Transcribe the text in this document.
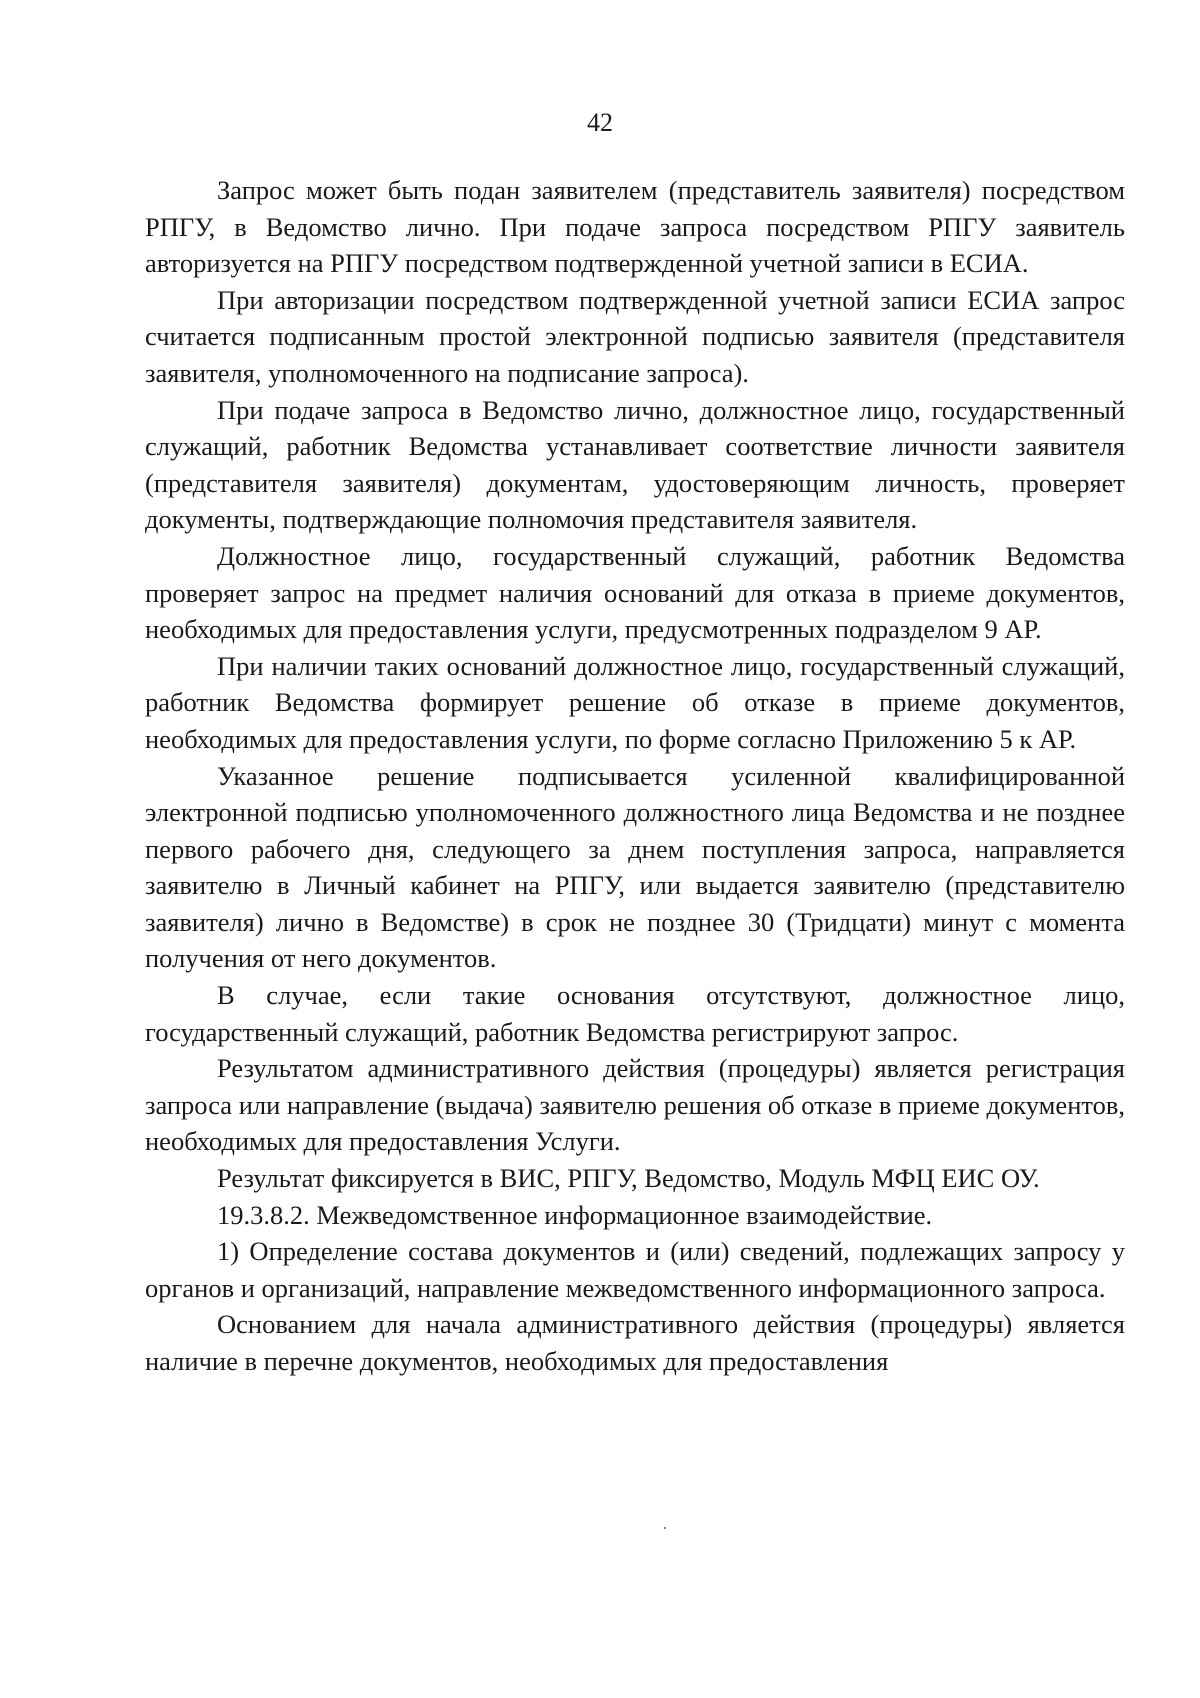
42

Запрос может быть подан заявителем (представитель заявителя) посредством РПГУ, в Ведомство лично. При подаче запроса посредством РПГУ заявитель авторизуется на РПГУ посредством подтвержденной учетной записи в ЕСИА.

При авторизации посредством подтвержденной учетной записи ЕСИА запрос считается подписанным простой электронной подписью заявителя (представителя заявителя, уполномоченного на подписание запроса).

При подаче запроса в Ведомство лично, должностное лицо, государственный служащий, работник Ведомства устанавливает соответствие личности заявителя (представителя заявителя) документам, удостоверяющим личность, проверяет документы, подтверждающие полномочия представителя заявителя.

Должностное лицо, государственный служащий, работник Ведомства проверяет запрос на предмет наличия оснований для отказа в приеме документов, необходимых для предоставления услуги, предусмотренных подразделом 9 АР.

При наличии таких оснований должностное лицо, государственный служащий, работник Ведомства формирует решение об отказе в приеме документов, необходимых для предоставления услуги, по форме согласно Приложению 5 к АР.

Указанное решение подписывается усиленной квалифицированной электронной подписью уполномоченного должностного лица Ведомства и не позднее первого рабочего дня, следующего за днем поступления запроса, направляется заявителю в Личный кабинет на РПГУ, или выдается заявителю (представителю заявителя) лично в Ведомстве) в срок не позднее 30 (Тридцати) минут с момента получения от него документов.

В случае, если такие основания отсутствуют, должностное лицо, государственный служащий, работник Ведомства регистрируют запрос.

Результатом административного действия (процедуры) является регистрация запроса или направление (выдача) заявителю решения об отказе в приеме документов, необходимых для предоставления Услуги.

Результат фиксируется в ВИС, РПГУ, Ведомство, Модуль МФЦ ЕИС ОУ.

19.3.8.2. Межведомственное информационное взаимодействие.

1) Определение состава документов и (или) сведений, подлежащих запросу у органов и организаций, направление межведомственного информационного запроса.

Основанием для начала административного действия (процедуры) является наличие в перечне документов, необходимых для предоставления
